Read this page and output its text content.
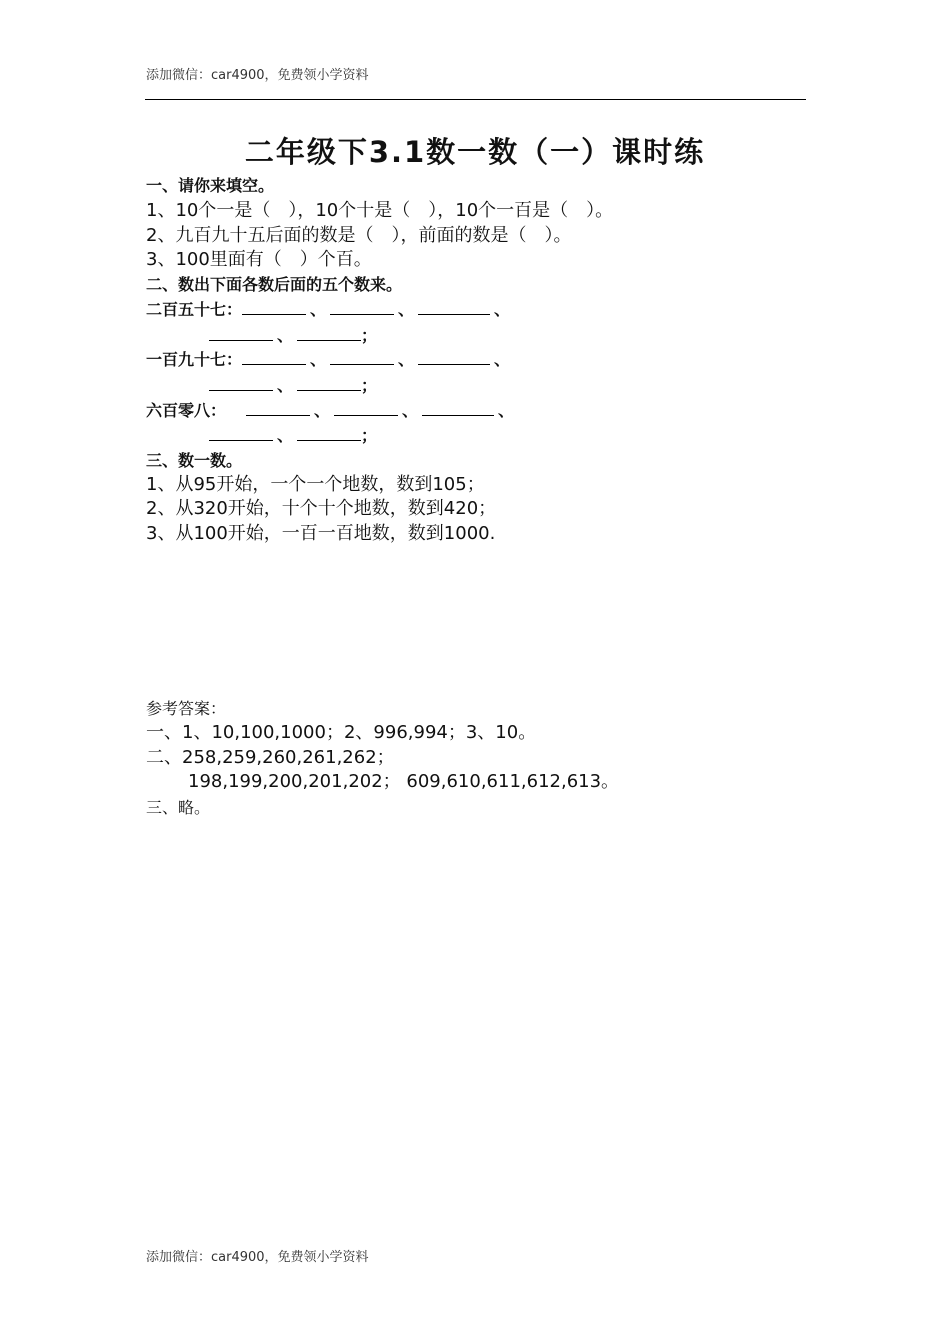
添加微信：car4900，免费领小学资料
二年级下3.1数一数（一）课时练
一、请你来填空。
1、10个一是（　），10个十是（　），10个一百是（　）。
2、九百九十五后面的数是（　），前面的数是（　）。
3、100里面有（　）个百。
二、数出下面各数后面的五个数来。
二百五十七：	、	、	、
、	；
一百九十七：	、	、	、
、	；
六百零八：	、	、	、
、	；
三、数一数。
1、从95开始，一个一个地数，数到105；
2、从320开始，十个十个地数，数到420；
3、从100开始，一百一百地数，数到1000.
参考答案：
一、1、10,100,1000；2、996,994；3、10。
二、258,259,260,261,262；
198,199,200,201,202； 609,610,611,612,613。
三、略。
添加微信：car4900，免费领小学资料
